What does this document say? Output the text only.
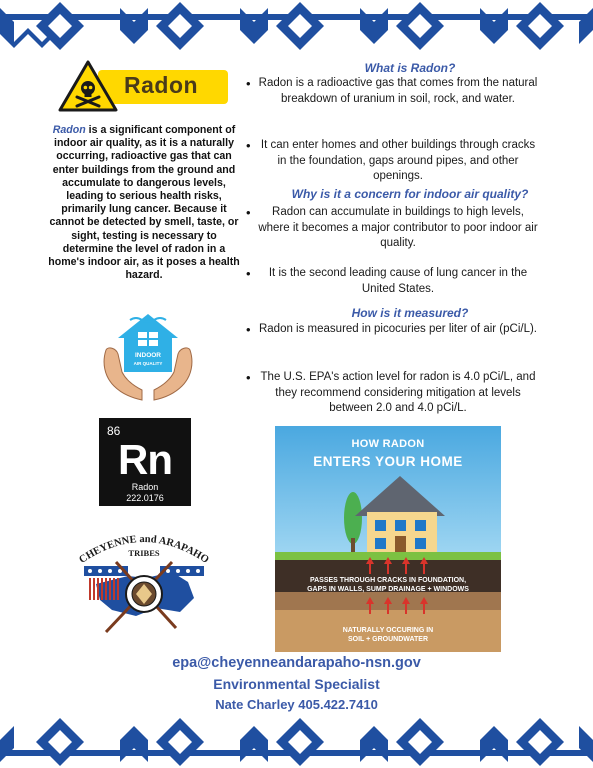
Radon
Radon is a significant component of indoor air quality, as it is a naturally occurring, radioactive gas that can enter buildings from the ground and accumulate to dangerous levels, leading to serious health risks, primarily lung cancer. Because it cannot be detected by smell, taste, or sight, testing is necessary to determine the level of radon in a home's indoor air, as it poses a health hazard.
INDOOR
AIR QUALITY
86
Rn
Radon
222.0176
CHEYENNE and ARAPAHO
TRIBES
What is Radon?
• Radon is a radioactive gas that comes from the natural breakdown of uranium in soil, rock, and water.
• It can enter homes and other buildings through cracks in the foundation, gaps around pipes, and other openings.
Why is it a concern for indoor air quality?
•	Radon can accumulate in buildings to high levels, where it becomes a major contributor to poor indoor air quality.
•	It is the second leading cause of lung cancer in the United States.
How is it measured?
• Radon is measured in picocuries per liter of air (pCi/L).
• The U.S. EPA's action level for radon is 4.0 pCi/L, and they recommend considering mitigation at levels between 2.0 and 4.0 pCi/L.
HOW RADON
ENTERS YOUR HOME
PASSES THROUGH CRACKS IN FOUNDATION,
GAPS IN WALLS, SUMP DRAINAGE + WINDOWS
NATURALLY OCCURING IN
SOIL + GROUNDWATER
epa@cheyenneandarapaho-nsn.gov
Environmental Specialist
Nate Charley 405.422.7410
